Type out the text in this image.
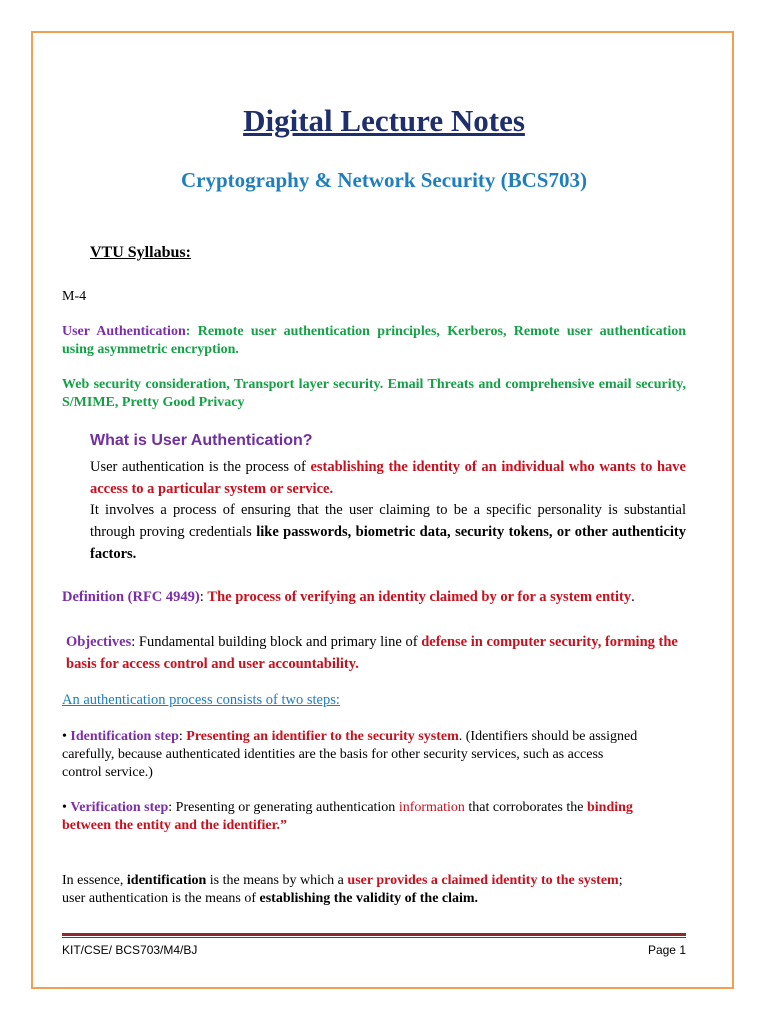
Digital Lecture Notes
Cryptography & Network Security (BCS703)
VTU Syllabus:
M-4
User Authentication: Remote user authentication principles, Kerberos, Remote user authentication using asymmetric encryption.
Web security consideration, Transport layer security. Email Threats and comprehensive email security, S/MIME, Pretty Good Privacy
What is User Authentication?
User authentication is the process of establishing the identity of an individual who wants to have access to a particular system or service.
It involves a process of ensuring that the user claiming to be a specific personality is substantial through proving credentials like passwords, biometric data, security tokens, or other authenticity factors.
Definition (RFC 4949): The process of verifying an identity claimed by or for a system entity.
Objectives: Fundamental building block and primary line of defense in computer security, forming the basis for access control and user accountability.
An authentication process consists of two steps:
• Identification step: Presenting an identifier to the security system. (Identifiers should be assigned carefully, because authenticated identities are the basis for other security services, such as access control service.)
• Verification step: Presenting or generating authentication information that corroborates the binding between the entity and the identifier.”
In essence, identification is the means by which a user provides a claimed identity to the system; user authentication is the means of establishing the validity of the claim.
KIT/CSE/ BCS703/M4/BJ	Page 1
